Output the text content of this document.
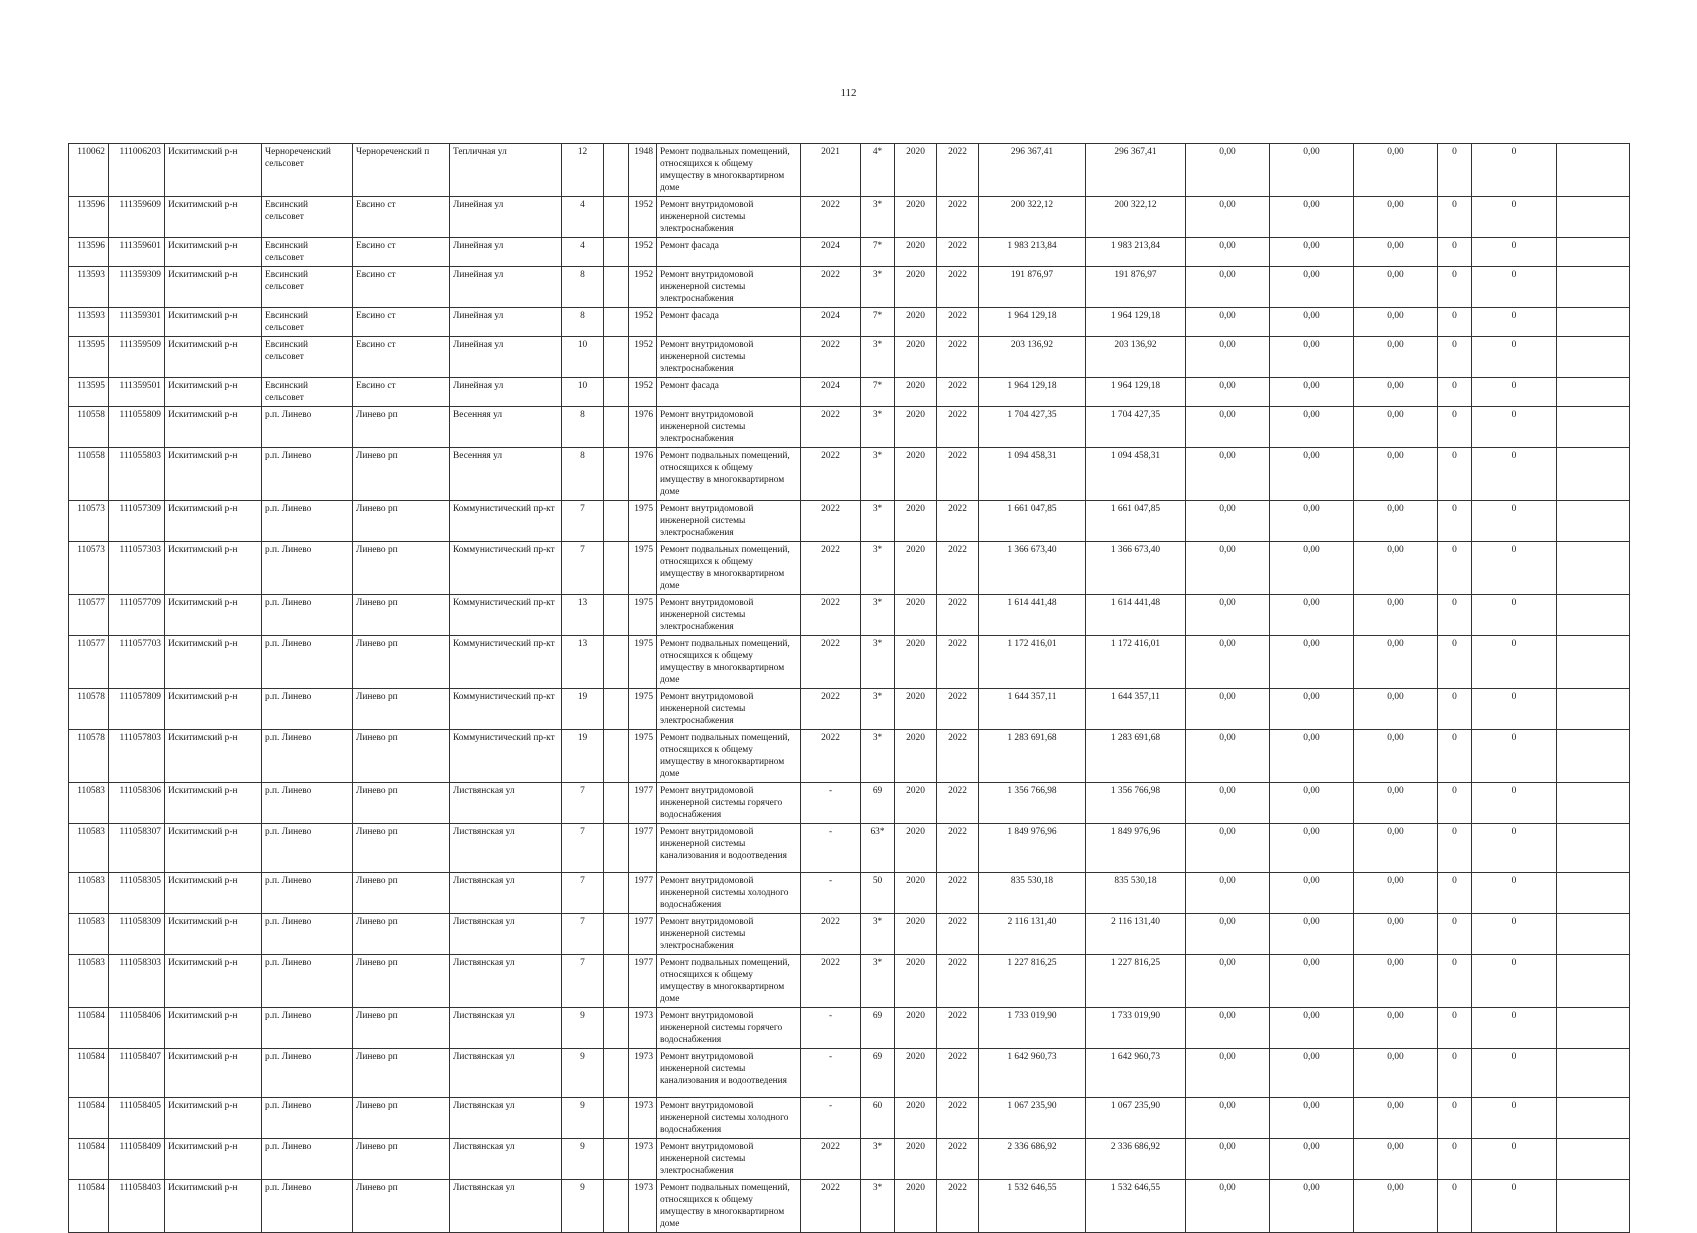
112
110062	111006203	Искитимский р-н	Чернореченский сельсовет	Чернореченский п	Тепличная ул	12		1948	Ремонт подвальных помещений, относящихся к общему имуществу в многоквартирном доме	2021	4*	2020	2022	296 367,41	296 367,41	0,00	0,00	0,00	0	0	
113596	111359609	Искитимский р-н	Евсинский сельсовет	Евсино ст	Линейная ул	4		1952	Ремонт внутридомовой инженерной системы электроснабжения	2022	3*	2020	2022	200 322,12	200 322,12	0,00	0,00	0,00	0	0	
113596	111359601	Искитимский р-н	Евсинский сельсовет	Евсино ст	Линейная ул	4		1952	Ремонт фасада	2024	7*	2020	2022	1 983 213,84	1 983 213,84	0,00	0,00	0,00	0	0	
113593	111359309	Искитимский р-н	Евсинский сельсовет	Евсино ст	Линейная ул	8		1952	Ремонт внутридомовой инженерной системы электроснабжения	2022	3*	2020	2022	191 876,97	191 876,97	0,00	0,00	0,00	0	0	
113593	111359301	Искитимский р-н	Евсинский сельсовет	Евсино ст	Линейная ул	8		1952	Ремонт фасада	2024	7*	2020	2022	1 964 129,18	1 964 129,18	0,00	0,00	0,00	0	0	
113595	111359509	Искитимский р-н	Евсинский сельсовет	Евсино ст	Линейная ул	10		1952	Ремонт внутридомовой инженерной системы электроснабжения	2022	3*	2020	2022	203 136,92	203 136,92	0,00	0,00	0,00	0	0	
113595	111359501	Искитимский р-н	Евсинский сельсовет	Евсино ст	Линейная ул	10		1952	Ремонт фасада	2024	7*	2020	2022	1 964 129,18	1 964 129,18	0,00	0,00	0,00	0	0	
110558	111055809	Искитимский р-н	р.п. Линево	Линево рп	Весенняя ул	8		1976	Ремонт внутридомовой инженерной системы электроснабжения	2022	3*	2020	2022	1 704 427,35	1 704 427,35	0,00	0,00	0,00	0	0	
110558	111055803	Искитимский р-н	р.п. Линево	Линево рп	Весенняя ул	8		1976	Ремонт подвальных помещений, относящихся к общему имуществу в многоквартирном доме	2022	3*	2020	2022	1 094 458,31	1 094 458,31	0,00	0,00	0,00	0	0	
110573	111057309	Искитимский р-н	р.п. Линево	Линево рп	Коммунистический пр-кт	7		1975	Ремонт внутридомовой инженерной системы электроснабжения	2022	3*	2020	2022	1 661 047,85	1 661 047,85	0,00	0,00	0,00	0	0	
110573	111057303	Искитимский р-н	р.п. Линево	Линево рп	Коммунистический пр-кт	7		1975	Ремонт подвальных помещений, относящихся к общему имуществу в многоквартирном доме	2022	3*	2020	2022	1 366 673,40	1 366 673,40	0,00	0,00	0,00	0	0	
110577	111057709	Искитимский р-н	р.п. Линево	Линево рп	Коммунистический пр-кт	13		1975	Ремонт внутридомовой инженерной системы электроснабжения	2022	3*	2020	2022	1 614 441,48	1 614 441,48	0,00	0,00	0,00	0	0	
110577	111057703	Искитимский р-н	р.п. Линево	Линево рп	Коммунистический пр-кт	13		1975	Ремонт подвальных помещений, относящихся к общему имуществу в многоквартирном доме	2022	3*	2020	2022	1 172 416,01	1 172 416,01	0,00	0,00	0,00	0	0	
110578	111057809	Искитимский р-н	р.п. Линево	Линево рп	Коммунистический пр-кт	19		1975	Ремонт внутридомовой инженерной системы электроснабжения	2022	3*	2020	2022	1 644 357,11	1 644 357,11	0,00	0,00	0,00	0	0	
110578	111057803	Искитимский р-н	р.п. Линево	Линево рп	Коммунистический пр-кт	19		1975	Ремонт подвальных помещений, относящихся к общему имуществу в многоквартирном доме	2022	3*	2020	2022	1 283 691,68	1 283 691,68	0,00	0,00	0,00	0	0	
110583	111058306	Искитимский р-н	р.п. Линево	Линево рп	Листвянская ул	7		1977	Ремонт внутридомовой инженерной системы горячего водоснабжения	-	69	2020	2022	1 356 766,98	1 356 766,98	0,00	0,00	0,00	0	0	
110583	111058307	Искитимский р-н	р.п. Линево	Линево рп	Листвянская ул	7		1977	Ремонт внутридомовой инженерной системы канализования и водоотведения	-	63*	2020	2022	1 849 976,96	1 849 976,96	0,00	0,00	0,00	0	0	
110583	111058305	Искитимский р-н	р.п. Линево	Линево рп	Листвянская ул	7		1977	Ремонт внутридомовой инженерной системы холодного водоснабжения	-	50	2020	2022	835 530,18	835 530,18	0,00	0,00	0,00	0	0	
110583	111058309	Искитимский р-н	р.п. Линево	Линево рп	Листвянская ул	7		1977	Ремонт внутридомовой инженерной системы электроснабжения	2022	3*	2020	2022	2 116 131,40	2 116 131,40	0,00	0,00	0,00	0	0	
110583	111058303	Искитимский р-н	р.п. Линево	Линево рп	Листвянская ул	7		1977	Ремонт подвальных помещений, относящихся к общему имуществу в многоквартирном доме	2022	3*	2020	2022	1 227 816,25	1 227 816,25	0,00	0,00	0,00	0	0	
110584	111058406	Искитимский р-н	р.п. Линево	Линево рп	Листвянская ул	9		1973	Ремонт внутридомовой инженерной системы горячего водоснабжения	-	69	2020	2022	1 733 019,90	1 733 019,90	0,00	0,00	0,00	0	0	
110584	111058407	Искитимский р-н	р.п. Линево	Линево рп	Листвянская ул	9		1973	Ремонт внутридомовой инженерной системы канализования и водоотведения	-	69	2020	2022	1 642 960,73	1 642 960,73	0,00	0,00	0,00	0	0	
110584	111058405	Искитимский р-н	р.п. Линево	Линево рп	Листвянская ул	9		1973	Ремонт внутридомовой инженерной системы холодного водоснабжения	-	60	2020	2022	1 067 235,90	1 067 235,90	0,00	0,00	0,00	0	0	
110584	111058409	Искитимский р-н	р.п. Линево	Линево рп	Листвянская ул	9		1973	Ремонт внутридомовой инженерной системы электроснабжения	2022	3*	2020	2022	2 336 686,92	2 336 686,92	0,00	0,00	0,00	0	0	
110584	111058403	Искитимский р-н	р.п. Линево	Линево рп	Листвянская ул	9		1973	Ремонт подвальных помещений, относящихся к общему имуществу в многоквартирном доме	2022	3*	2020	2022	1 532 646,55	1 532 646,55	0,00	0,00	0,00	0	0	
